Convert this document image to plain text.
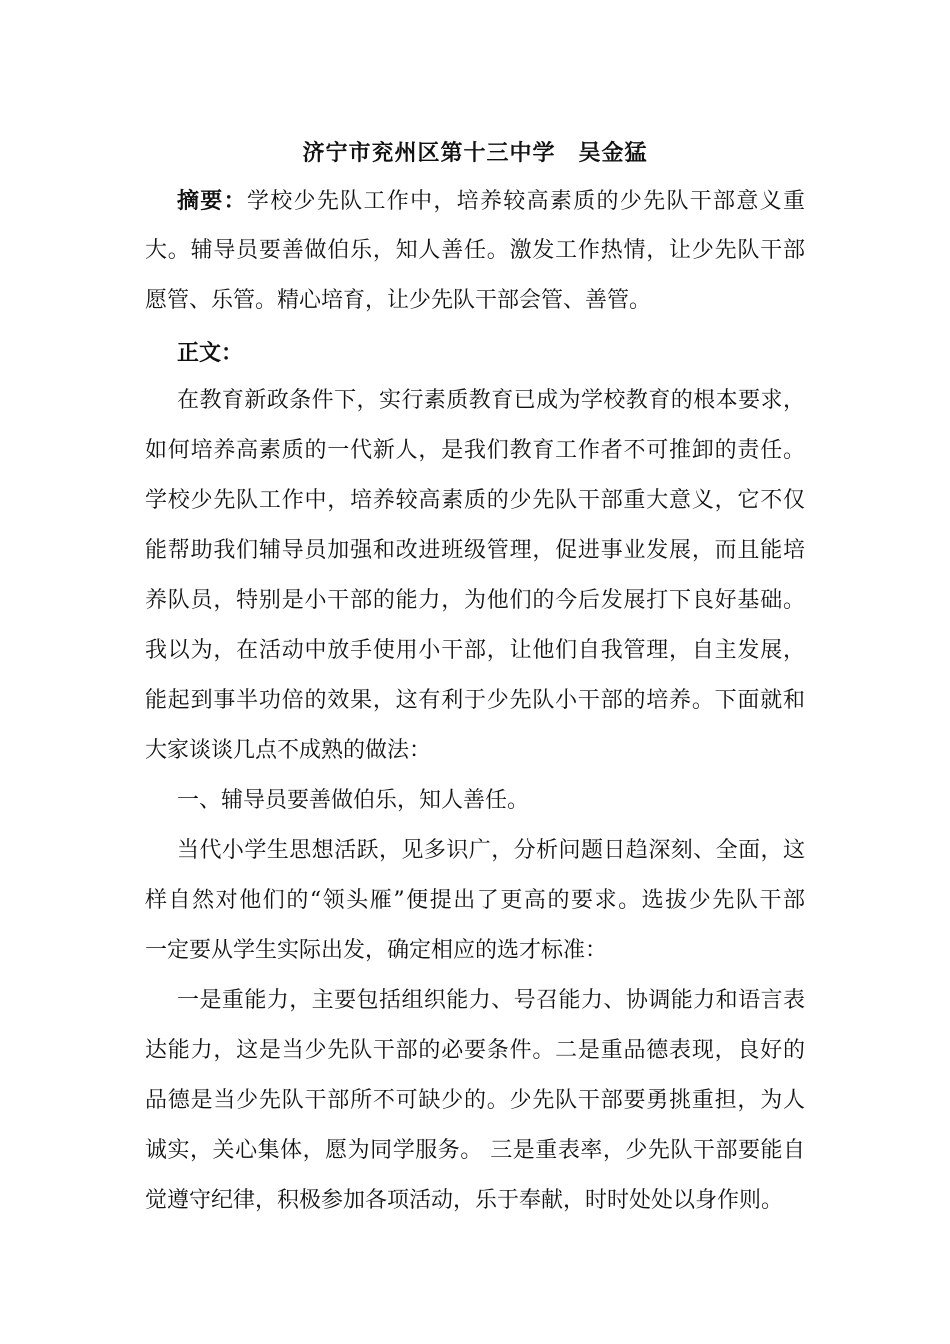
济宁市兖州区第十三中学　吴金猛
摘要：学校少先队工作中，培养较高素质的少先队干部意义重
大。辅导员要善做伯乐，知人善任。激发工作热情，让少先队干部
愿管、乐管。精心培育，让少先队干部会管、善管。
正文：
在教育新政条件下，实行素质教育已成为学校教育的根本要求，
如何培养高素质的一代新人，是我们教育工作者不可推卸的责任。
学校少先队工作中，培养较高素质的少先队干部重大意义，它不仅
能帮助我们辅导员加强和改进班级管理，促进事业发展，而且能培
养队员，特别是小干部的能力，为他们的今后发展打下良好基础。
我以为，在活动中放手使用小干部，让他们自我管理，自主发展，
能起到事半功倍的效果，这有利于少先队小干部的培养。下面就和
大家谈谈几点不成熟的做法：
一、辅导员要善做伯乐，知人善任。
当代小学生思想活跃，见多识广，分析问题日趋深刻、全面，这
样自然对他们的“领头雁”便提出了更高的要求。选拔少先队干部
一定要从学生实际出发，确定相应的选才标准：
一是重能力，主要包括组织能力、号召能力、协调能力和语言表
达能力，这是当少先队干部的必要条件。二是重品德表现，良好的
品德是当少先队干部所不可缺少的。少先队干部要勇挑重担，为人
诚实，关心集体，愿为同学服务。 三是重表率，少先队干部要能自
觉遵守纪律，积极参加各项活动，乐于奉献，时时处处以身作则。
